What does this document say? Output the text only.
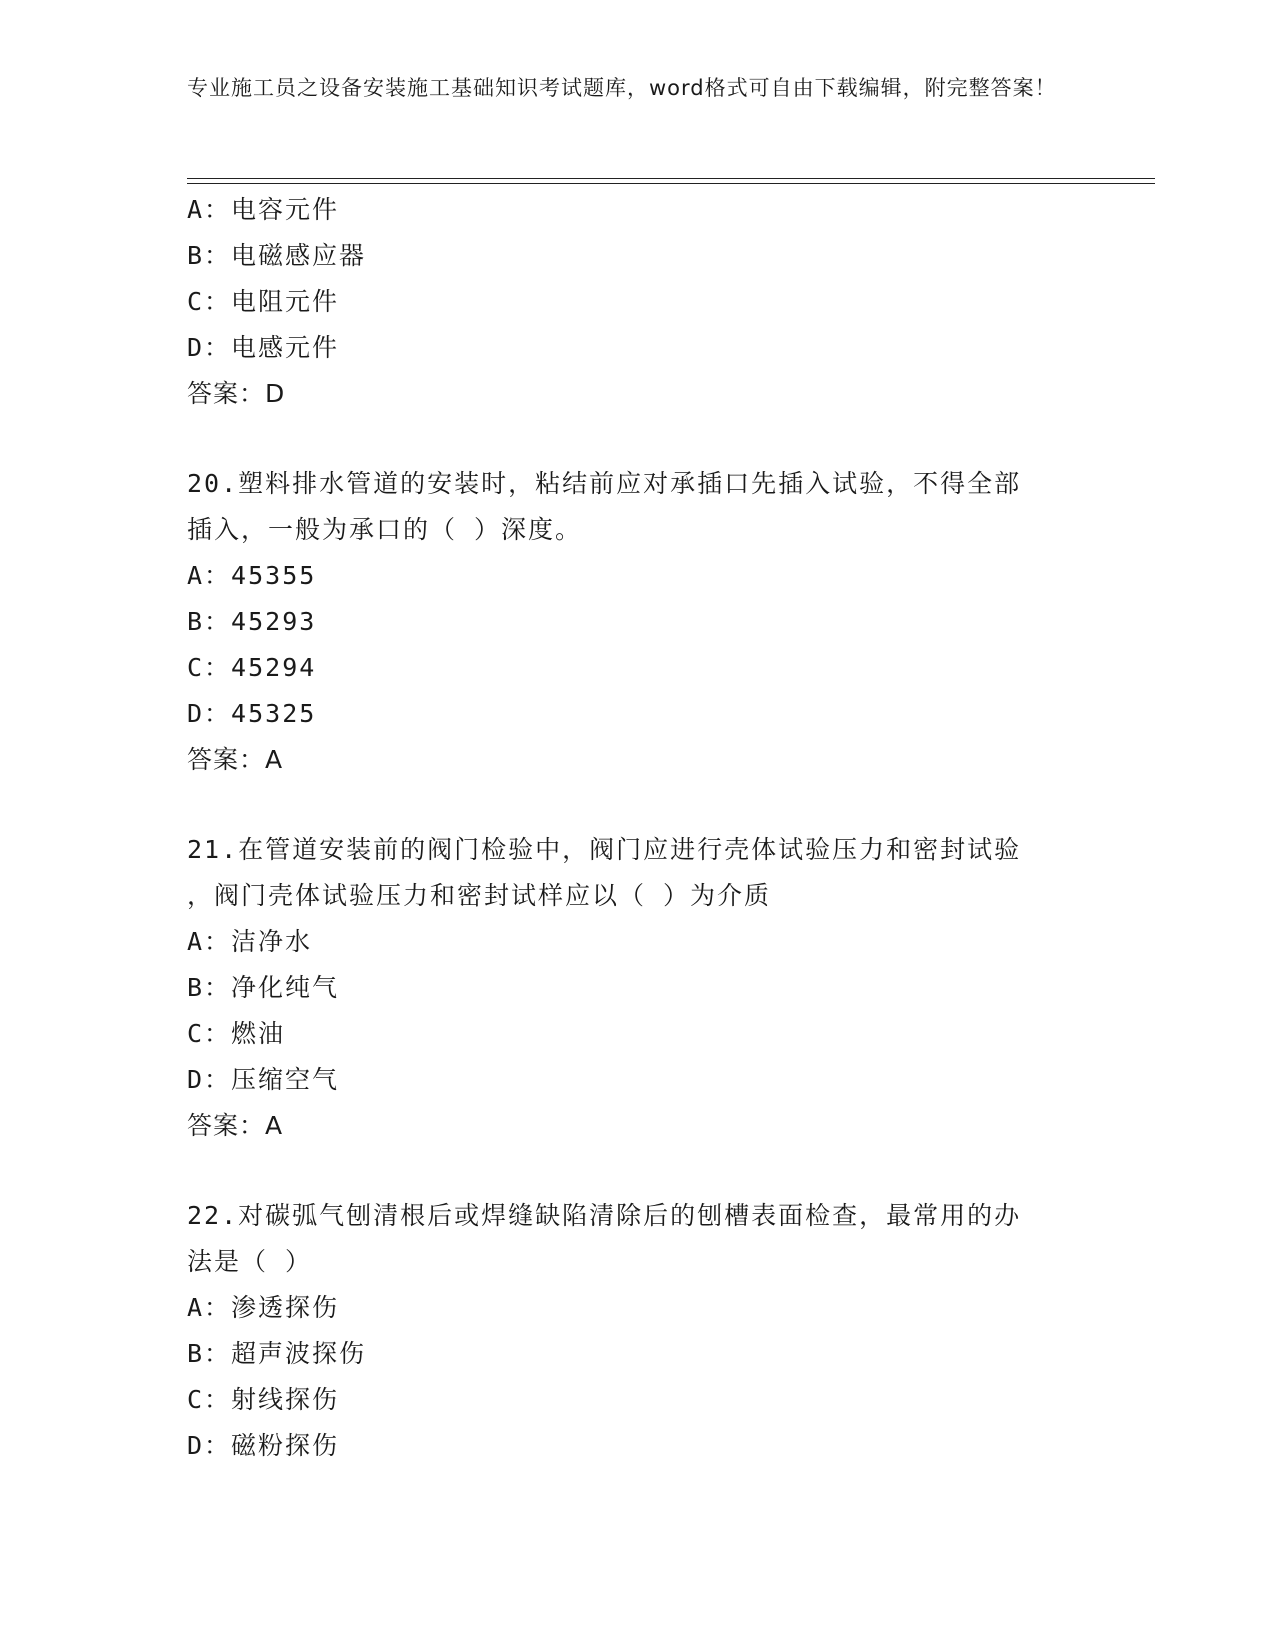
专业施工员之设备安装施工基础知识考试题库，word格式可自由下载编辑，附完整答案！

A：电容元件

B：电磁感应器

C：电阻元件

D：电感元件

答案：D

20.塑料排水管道的安装时，粘结前应对承插口先插入试验，不得全部

插入，一般为承口的（ ）深度。

A：45355

B：45293

C：45294

D：45325

答案：A

21.在管道安装前的阀门检验中，阀门应进行壳体试验压力和密封试验

，阀门壳体试验压力和密封试样应以（ ）为介质

A：洁净水

B：净化纯气

C：燃油

D：压缩空气

答案：A

22.对碳弧气刨清根后或焊缝缺陷清除后的刨槽表面检查，最常用的办

法是（ ）

A：渗透探伤

B：超声波探伤

C：射线探伤

D：磁粉探伤
